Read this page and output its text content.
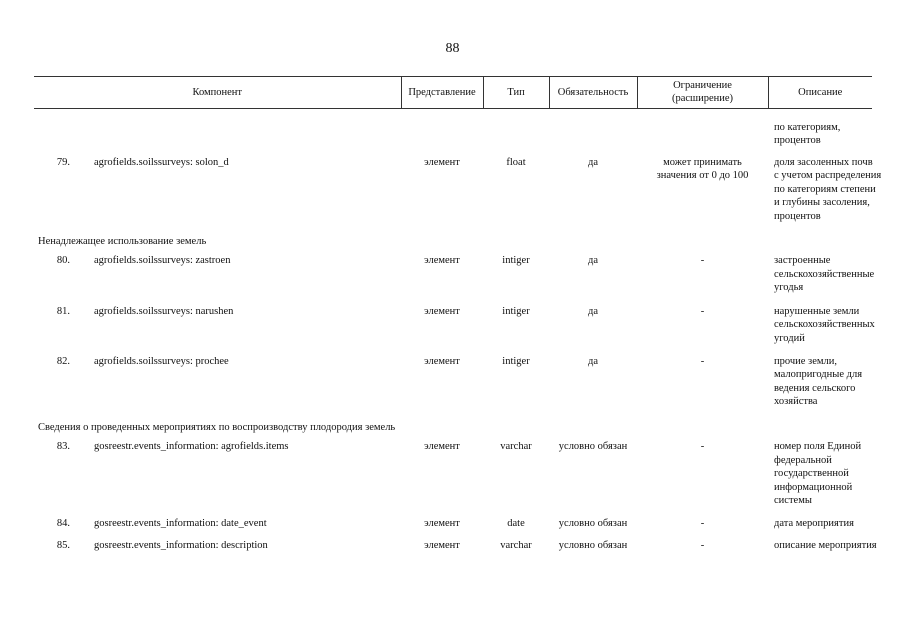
88
Компонент		Представление	Тип	Обязательность	Ограничение
(расширение)	Описание

						по категориям,
процентов

79.	agrofields.soilssurveys: solon_d	элемент	float	да	может принимать
значения от 0 до 100	доля засоленных почв
с учетом распределения
по категориям степени
и глубины засоления,
процентов

Ненадлежащее использование земель						
80.	agrofields.soilssurveys: zastroen	элемент	intiger	да	-	застроенные
сельскохозяйственные
угодья

81.	agrofields.soilssurveys: narushen	элемент	intiger	да	-	нарушенные земли
сельскохозяйственных
угодий

82.	agrofields.soilssurveys: prochee	элемент	intiger	да	-	прочие земли,
малопригодные для
ведения сельского
хозяйства

Сведения о проведенных мероприятиях по воспроизводству плодородия земель						
83.	gosreestr.events_information: agrofields.items	элемент	varchar	условно обязан	-	номер поля Единой
федеральной
государственной
информационной
системы

84.	gosreestr.events_information: date_event	элемент	date	условно обязан	-	дата мероприятия

85.	gosreestr.events_information: description	элемент	varchar	условно обязан	-	описание мероприятия
